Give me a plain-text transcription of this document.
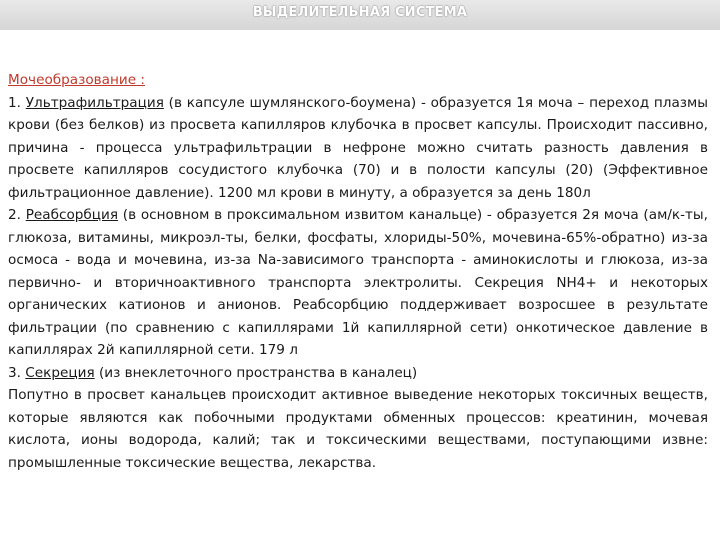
ВЫДЕЛИТЕЛЬНАЯ СИСТЕМА

Мочеобразование :

1. Ультрафильтрация (в капсуле шумлянского-боумена) - образуется 1я моча – переход плазмы крови (без белков) из просвета капилляров клубочка в просвет капсулы. Происходит пассивно, причина - процесса ультрафильтрации в нефроне можно считать разность давления в просвете капилляров сосудистого клубочка (70) и в полости капсулы (20) (Эффективное фильтрационное давление). 1200 мл крови в минуту, а образуется за день 180л

2. Реабсорбция (в основном в проксимальном извитом канальце) - образуется 2я моча (ам/к-ты, глюкоза, витамины, микроэл-ты, белки, фосфаты, хлориды-50%, мочевина-65%-обратно) из-за осмоса - вода и мочевина, из-за Na-зависимого транспорта - аминокислоты и глюкоза, из-за первично- и вторичноактивного транспорта электролиты. Секреция NH4+ и некоторых органических катионов и анионов. Реабсорбцию поддерживает возросшее в результате фильтрации (по сравнению с капиллярами 1й капиллярной сети) онкотическое давление в капиллярах 2й капиллярной сети. 179 л

3. Секреция (из внеклеточного пространства в каналец)

Попутно в просвет канальцев происходит активное выведение некоторых токсичных веществ, которые являются как побочными продуктами обменных процессов: креатинин, мочевая кислота, ионы водорода, калий; так и токсическими веществами, поступающими извне: промышленные токсические вещества, лекарства.
